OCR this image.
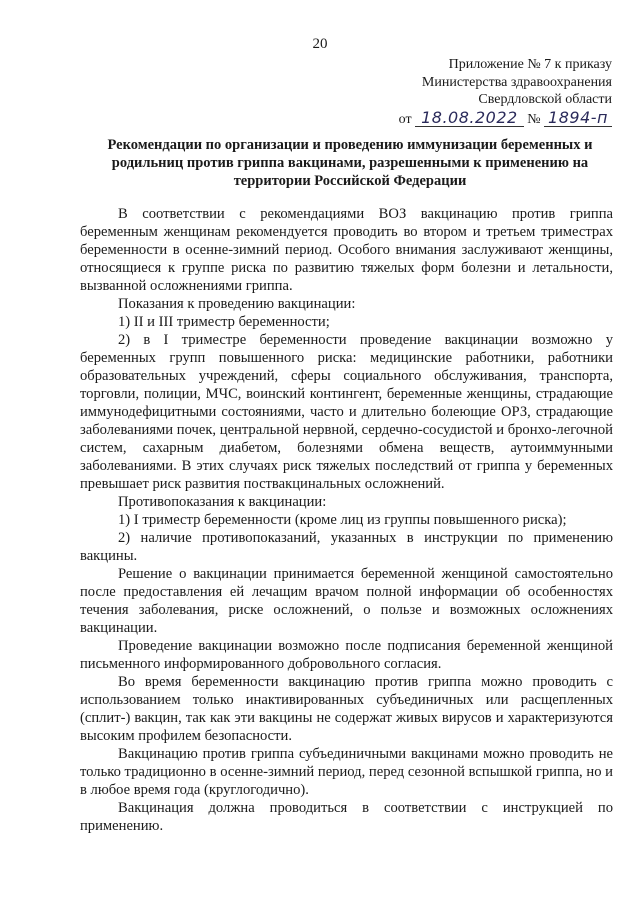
20
Приложение № 7 к приказу
Министерства здравоохранения
Свердловской области
от 18.08.2022 № 1894-п
Рекомендации по организации и проведению иммунизации беременных и родильниц против гриппа вакцинами, разрешенными к применению на территории Российской Федерации

В соответствии с рекомендациями ВОЗ вакцинацию против гриппа беременным женщинам рекомендуется проводить во втором и третьем триместрах беременности в осенне-зимний период. Особого внимания заслуживают женщины, относящиеся к группе риска по развитию тяжелых форм болезни и летальности, вызванной осложнениями гриппа.

Показания к проведению вакцинации:

1) II и III триместр беременности;

2) в I триместре беременности проведение вакцинации возможно у беременных групп повышенного риска: медицинские работники, работники образовательных учреждений, сферы социального обслуживания, транспорта, торговли, полиции, МЧС, воинский контингент, беременные женщины, страдающие иммунодефицитными состояниями, часто и длительно болеющие ОРЗ, страдающие заболеваниями почек, центральной нервной, сердечно-сосудистой и бронхо-легочной систем, сахарным диабетом, болезнями обмена веществ, аутоиммунными заболеваниями. В этих случаях риск тяжелых последствий от гриппа у беременных превышает риск развития поствакцинальных осложнений.

Противопоказания к вакцинации:

1) I триместр беременности (кроме лиц из группы повышенного риска);

2) наличие противопоказаний, указанных в инструкции по применению вакцины.

Решение о вакцинации принимается беременной женщиной самостоятельно после предоставления ей лечащим врачом полной информации об особенностях течения заболевания, риске осложнений, о пользе и возможных осложнениях вакцинации.

Проведение вакцинации возможно после подписания беременной женщиной письменного информированного добровольного согласия.

Во время беременности вакцинацию против гриппа можно проводить с использованием только инактивированных субъединичных или расщепленных (сплит-) вакцин, так как эти вакцины не содержат живых вирусов и характеризуются высоким профилем безопасности.

Вакцинацию против гриппа субъединичными вакцинами можно проводить не только традиционно в осенне-зимний период, перед сезонной вспышкой гриппа, но и в любое время года (круглогодично).

Вакцинация должна проводиться в соответствии с инструкцией по применению.
